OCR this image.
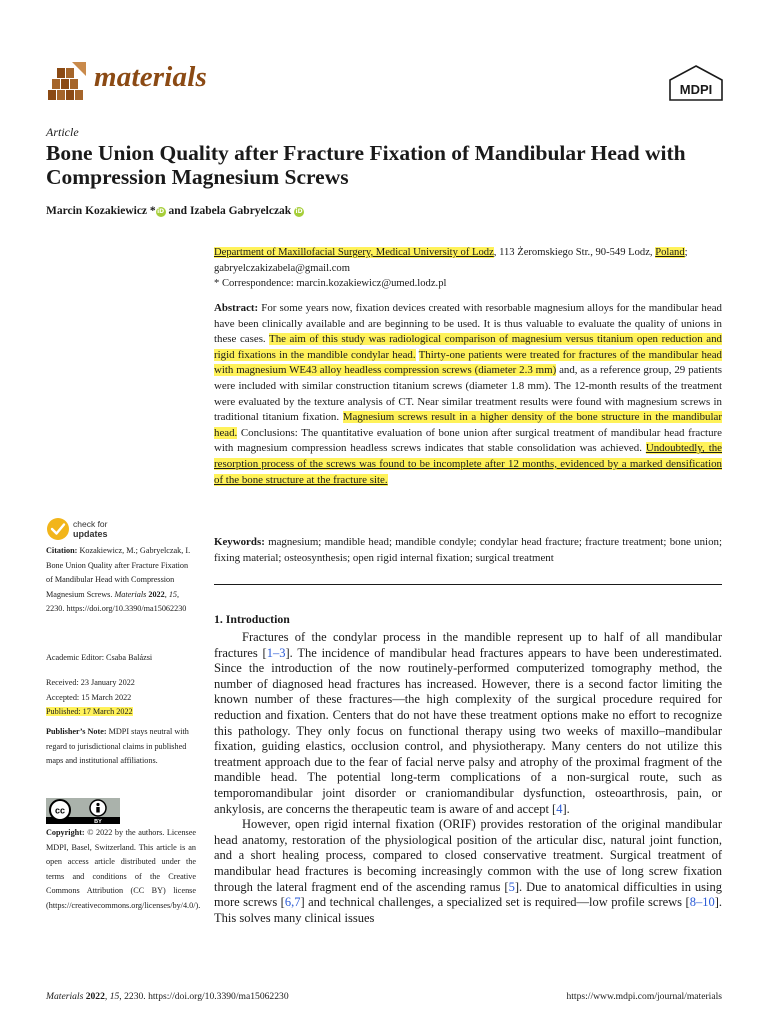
materials	MDPI
Article
Bone Union Quality after Fracture Fixation of Mandibular Head with Compression Magnesium Screws
Marcin Kozakiewicz *iD and Izabela Gabryelczak iD
Department of Maxillofacial Surgery, Medical University of Lodz, 113 Żeromskiego Str., 90-549 Lodz, Poland;
gabryelczakizabela@gmail.com
* Correspondence: marcin.kozakiewicz@umed.lodz.pl
Abstract: For some years now, fixation devices created with resorbable magnesium alloys for the mandibular head have been clinically available and are beginning to be used. It is thus valuable to evaluate the quality of unions in these cases. The aim of this study was radiological comparison of magnesium versus titanium open reduction and rigid fixations in the mandible condylar head. Thirty-one patients were treated for fractures of the mandibular head with magnesium WE43 alloy headless compression screws (diameter 2.3 mm) and, as a reference group, 29 patients were included with similar construction titanium screws (diameter 1.8 mm). The 12-month results of the treatment were evaluated by the texture analysis of CT. Near similar treatment results were found with magnesium screws in traditional titanium fixation. Magnesium screws result in a higher density of the bone structure in the mandibular head. Conclusions: The quantitative evaluation of bone union after surgical treatment of mandibular head fracture with magnesium compression headless screws indicates that stable consolidation was achieved. Undoubtedly, the resorption process of the screws was found to be incomplete after 12 months, evidenced by a marked densification of the bone structure at the fracture site.
Keywords: magnesium; mandible head; mandible condyle; condylar head fracture; fracture treatment; bone union; fixing material; osteosynthesis; open rigid internal fixation; surgical treatment
1. Introduction

Fractures of the condylar process in the mandible represent up to half of all mandibular fractures [1–3]. The incidence of mandibular head fractures appears to have been underestimated. Since the introduction of the now routinely-performed computerized tomography method, the number of diagnosed head fractures has increased. However, there is a second factor limiting the known number of these fractures—the high complexity of the surgical procedure required for reduction and fixation. Centers that do not have these treatment options make no effort to recognize this pathology. They only focus on functional therapy using two weeks of maxillo–mandibular fixation, guiding elastics, occlusion control, and physiotherapy. Many centers do not utilize this treatment approach due to the fear of facial nerve palsy and atrophy of the proximal fragment of the mandible head. The potential long-term complications of a non-surgical route, such as temporomandibular joint disorder or craniomandibular dysfunction, osteoarthrosis, pain, or ankylosis, are concerns the therapeutic team is aware of and accept [4].

However, open rigid internal fixation (ORIF) provides restoration of the original mandibular head anatomy, restoration of the physiological position of the articular disc, natural joint function, and a short healing process, compared to closed conservative treatment. Surgical treatment of mandibular head fractures is becoming increasingly common with the use of long screw fixation through the lateral fragment end of the ascending ramus [5]. Due to anatomical difficulties in using more screws [6,7] and technical challenges, a specialized set is required—low profile screws [8–10]. This solves many clinical issues

check for
updates
Citation: Kozakiewicz, M.; Gabryelczak, I. Bone Union Quality after Fracture Fixation of Mandibular Head with Compression Magnesium Screws. Materials 2022, 15, 2230. https://doi.org/10.3390/ma15062230
Academic Editor: Csaba Balázsi
Received: 23 January 2022
Accepted: 15 March 2022
Published: 17 March 2022
Publisher’s Note: MDPI stays neutral with regard to jurisdictional claims in published maps and institutional affiliations.
cc
BY
Copyright: © 2022 by the authors. Licensee MDPI, Basel, Switzerland. This article is an open access article distributed under the terms and conditions of the Creative Commons Attribution (CC BY) license (https://creativecommons.org/licenses/by/4.0/).
Materials 2022, 15, 2230. https://doi.org/10.3390/ma15062230	https://www.mdpi.com/journal/materials
